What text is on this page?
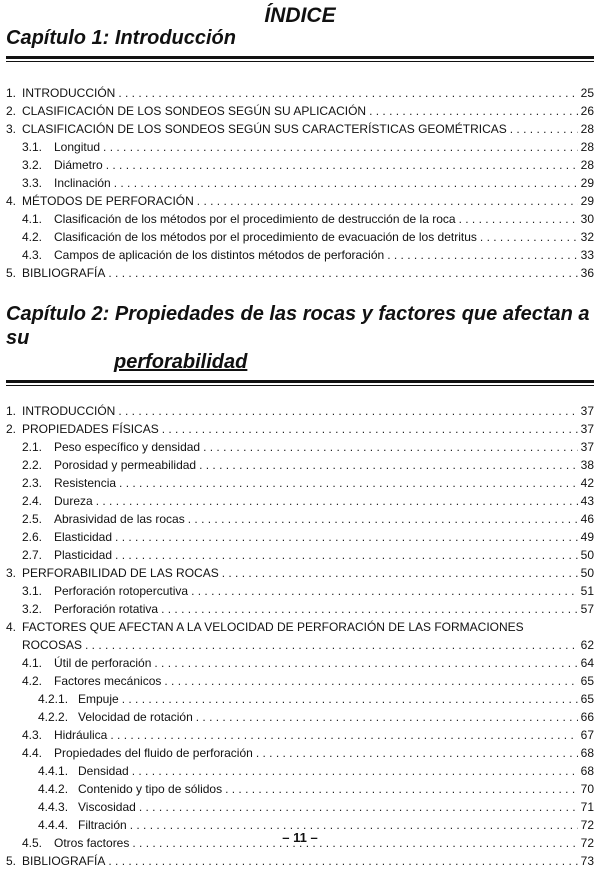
ÍNDICE
Capítulo 1: Introducción
1. INTRODUCCIÓN . . .	25
2. CLASIFICACIÓN DE LOS SONDEOS SEGÚN SU APLICACIÓN . . .	26
3. CLASIFICACIÓN DE LOS SONDEOS SEGÚN SUS CARACTERÍSTICAS GEOMÉTRICAS . . .	28
3.1. Longitud . . .	28
3.2. Diámetro . . .	28
3.3. Inclinación . . .	29
4. MÉTODOS DE PERFORACIÓN . . .	29
4.1. Clasificación de los métodos por el procedimiento de destrucción de la roca . . .	30
4.2. Clasificación de los métodos por el procedimiento de evacuación de los detritus . . .	32
4.3. Campos de aplicación de los distintos métodos de perforación . . .	33
5. BIBLIOGRAFÍA . . .	36
Capítulo 2: Propiedades de las rocas y factores que afectan a su
perforabilidad
1. INTRODUCCIÓN . . .	37
2. PROPIEDADES FÍSICAS . . .	37
2.1. Peso específico y densidad . . .	37
2.2. Porosidad y permeabilidad . . .	38
2.3. Resistencia . . .	42
2.4. Dureza . . .	43
2.5. Abrasividad de las rocas . . .	46
2.6. Elasticidad . . .	49
2.7. Plasticidad . . .	50
3. PERFORABILIDAD DE LAS ROCAS . . .	50
3.1. Perforación rotopercutiva . . .	51
3.2. Perforación rotativa . . .	57
4. FACTORES QUE AFECTAN A LA VELOCIDAD DE PERFORACIÓN DE LAS FORMACIONES
ROCOSAS . . .	62
4.1. Útil de perforación . . .	64
4.2. Factores mecánicos . . .	65
4.2.1. Empuje . . .	65
4.2.2. Velocidad de rotación . . .	66
4.3. Hidráulica . . .	67
4.4. Propiedades del fluido de perforación . . .	68
4.4.1. Densidad . . .	68
4.4.2. Contenido y tipo de sólidos . . .	70
4.4.3. Viscosidad . . .	71
4.4.4. Filtración . . .	72
4.5. Otros factores . . .	72
5. BIBLIOGRAFÍA . . .	73
– 11 –
